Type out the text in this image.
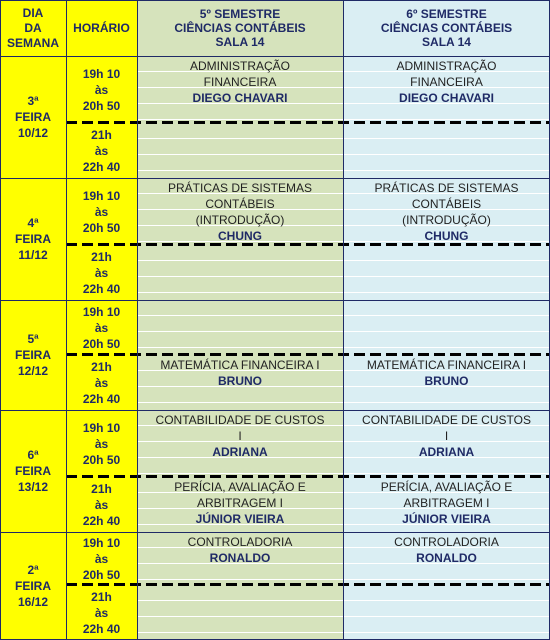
DIA
DA
SEMANA
HORÁRIO
5º SEMESTRE
CIÊNCIAS CONTÁBEIS
SALA 14
6º SEMESTRE
CIÊNCIAS CONTÁBEIS
SALA 14
3ª
FEIRA
10/12
19h 10
às
20h 50
ADMINISTRAÇÃO
FINANCEIRA
DIEGO CHAVARI
ADMINISTRAÇÃO
FINANCEIRA
DIEGO CHAVARI
21h
às
22h 40
4ª
FEIRA
11/12
19h 10
às
20h 50
PRÁTICAS DE SISTEMAS
CONTÁBEIS
(INTRODUÇÃO)
CHUNG
PRÁTICAS DE SISTEMAS
CONTÁBEIS
(INTRODUÇÃO)
CHUNG
21h
às
22h 40
5ª
FEIRA
12/12
19h 10
às
20h 50
21h
às
22h 40
MATEMÁTICA FINANCEIRA I
BRUNO
MATEMÁTICA FINANCEIRA I
BRUNO
6ª
FEIRA
13/12
19h 10
às
20h 50
CONTABILIDADE DE CUSTOS
I
ADRIANA
CONTABILIDADE DE CUSTOS
I
ADRIANA
21h
às
22h 40
PERÍCIA, AVALIAÇÃO E
ARBITRAGEM I
JÚNIOR VIEIRA
PERÍCIA, AVALIAÇÃO E
ARBITRAGEM I
JÚNIOR VIEIRA
2ª
FEIRA
16/12
19h 10
às
20h 50
CONTROLADORIA
RONALDO
CONTROLADORIA
RONALDO
21h
às
22h 40
